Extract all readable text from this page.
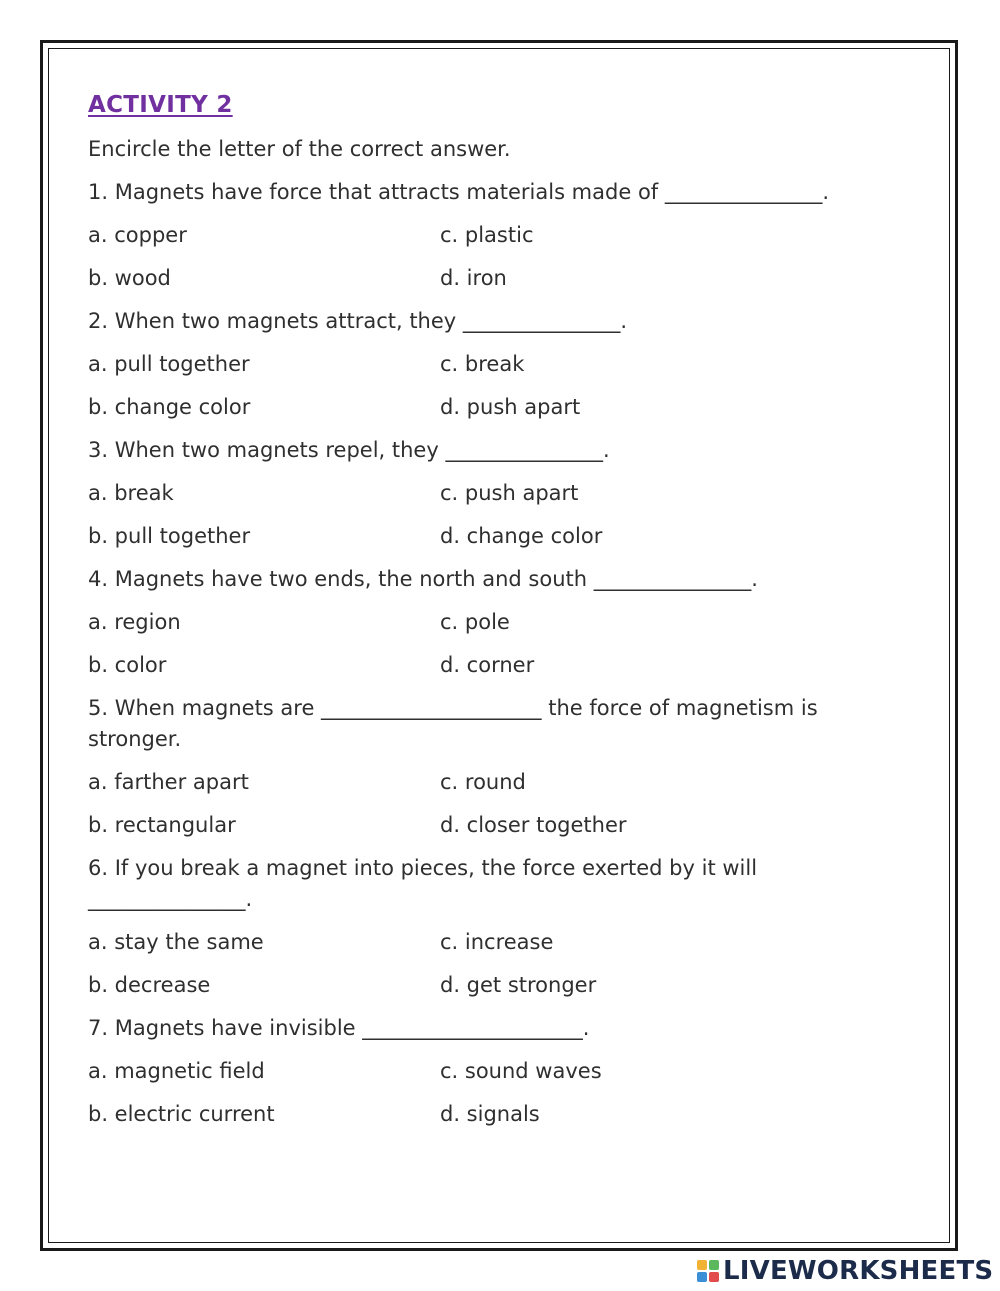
ACTIVITY 2
Encircle the letter of the correct answer.
1. Magnets have force that attracts materials made of _______________.
a. copper	c. plastic
b. wood	d. iron
2. When two magnets attract, they _______________.
a. pull together	c. break
b. change color	d. push apart
3. When two magnets repel, they _______________.
a. break	c. push apart
b. pull together	d. change color
4. Magnets have two ends, the north and south _______________.
a. region	c. pole
b. color	d. corner
5. When magnets are _____________________ the force of magnetism is stronger.
a. farther apart	c. round
b. rectangular	d. closer together
6. If you break a magnet into pieces, the force exerted by it will _______________.
a. stay the same	c. increase
b. decrease	d. get stronger
7. Magnets have invisible _____________________.
a. magnetic field	c. sound waves
b. electric current	d. signals
LIVEWORKSHEETS
